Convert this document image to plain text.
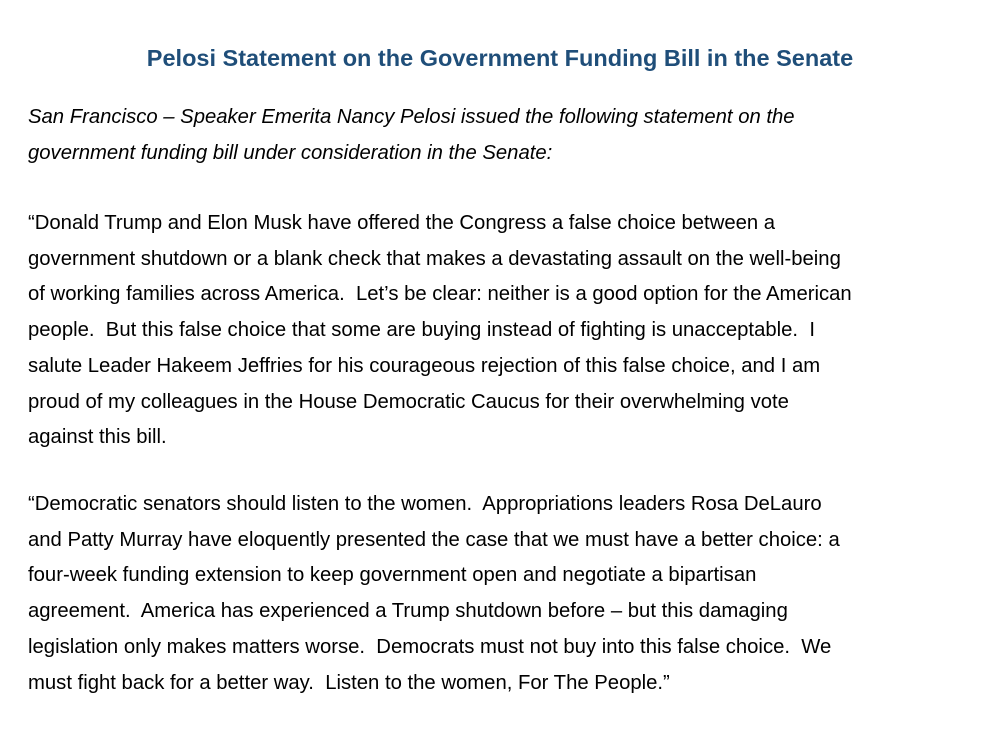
Pelosi Statement on the Government Funding Bill in the Senate

San Francisco – Speaker Emerita Nancy Pelosi issued the following statement on the
government funding bill under consideration in the Senate:

“Donald Trump and Elon Musk have offered the Congress a false choice between a
government shutdown or a blank check that makes a devastating assault on the well-being
of working families across America.  Let’s be clear: neither is a good option for the American
people.  But this false choice that some are buying instead of fighting is unacceptable.  I
salute Leader Hakeem Jeffries for his courageous rejection of this false choice, and I am
proud of my colleagues in the House Democratic Caucus for their overwhelming vote
against this bill.

“Democratic senators should listen to the women.  Appropriations leaders Rosa DeLauro
and Patty Murray have eloquently presented the case that we must have a better choice: a
four-week funding extension to keep government open and negotiate a bipartisan
agreement.  America has experienced a Trump shutdown before – but this damaging
legislation only makes matters worse.  Democrats must not buy into this false choice.  We
must fight back for a better way.  Listen to the women, For The People.”
